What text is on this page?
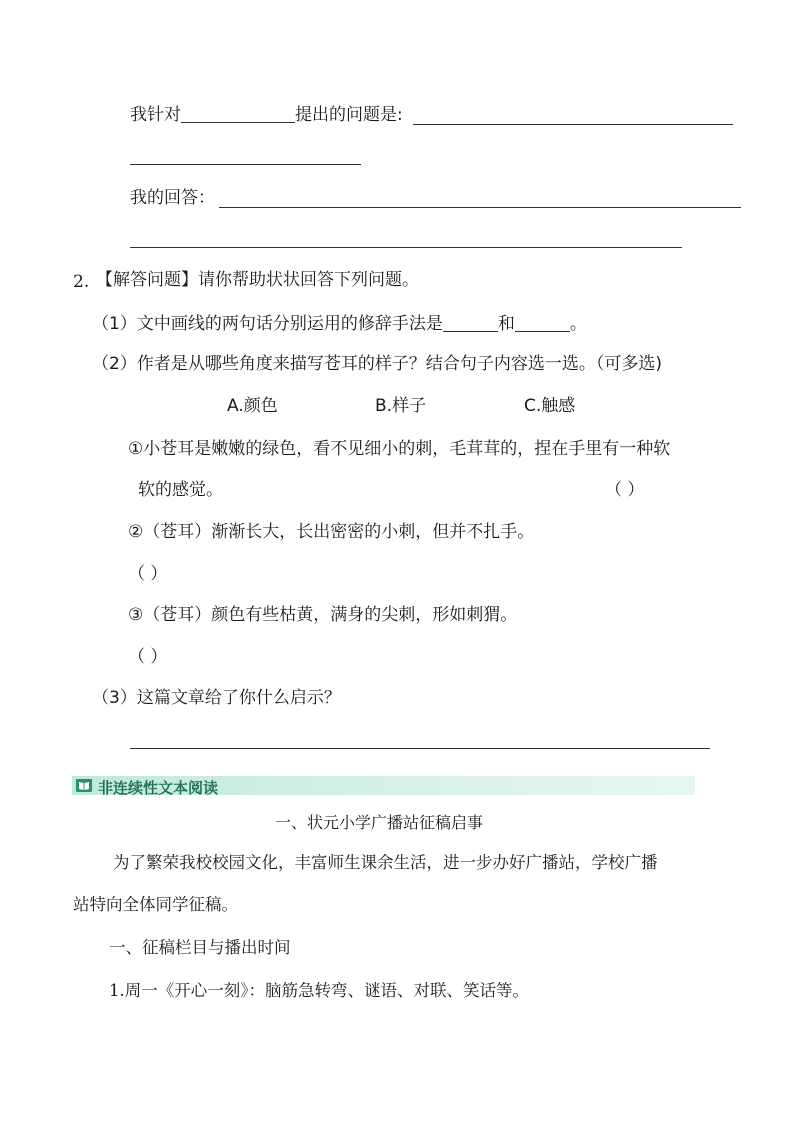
我针对	提出的问题是:
我的回答：
2. 【解答问题】请你帮助状状回答下列问题。
（1）文中画线的两句话分别运用的修辞手法是	和	。
（2）作者是从哪些角度来描写苍耳的样子？结合句子内容选一选。（可多选)
A.颜色	B.样子	C.触感
①小苍耳是嫩嫩的绿色，看不见细小的刺，毛茸茸的，捏在手里有一种软
软的感觉。	（ ）
②（苍耳）渐渐长大，长出密密的小刺，但并不扎手。
（ ）
③（苍耳）颜色有些枯黄，满身的尖刺，形如刺猬。
（ ）
（3）这篇文章给了你什么启示？
非连续性文本阅读
一、状元小学广播站征稿启事
为了繁荣我校校园文化，丰富师生课余生活，进一步办好广播站，学校广播
站特向全体同学征稿。
一、征稿栏目与播出时间
1.周一《开心一刻》：脑筋急转弯、谜语、对联、笑话等。
